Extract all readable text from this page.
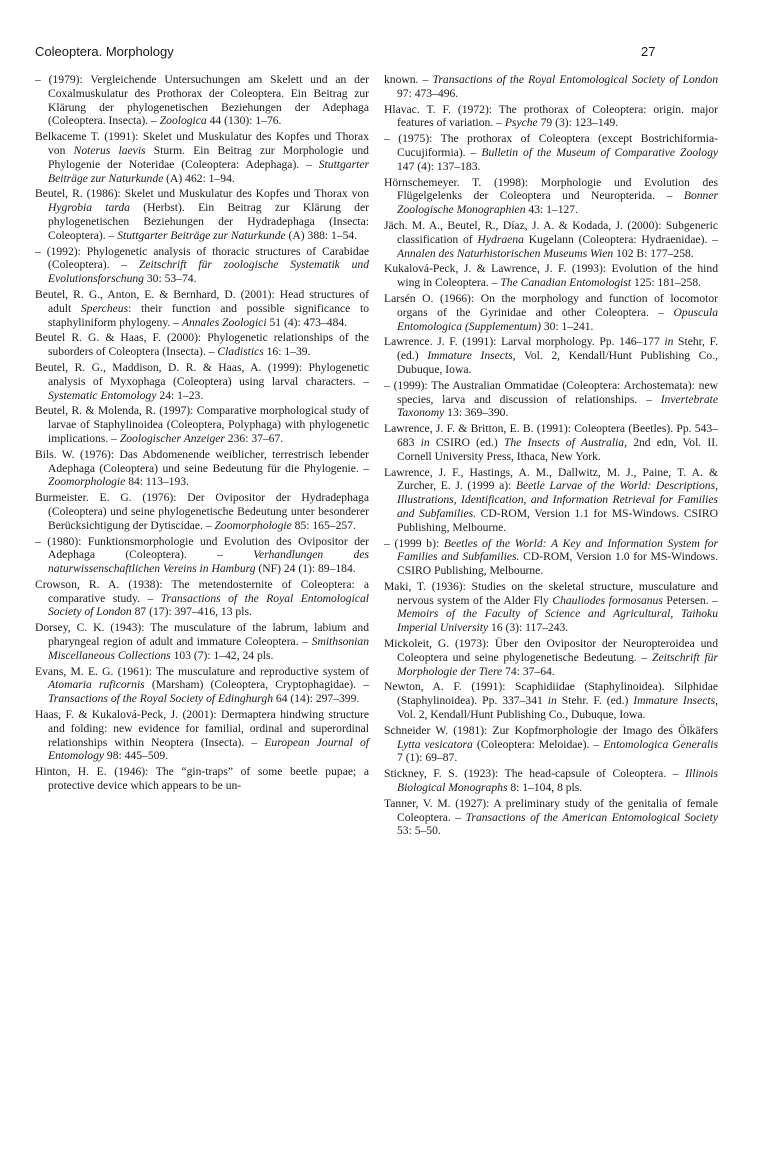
Coleoptera. Morphology	27

– (1979): Vergleichende Untersuchungen am Skelett und an der Coxalmuskulatur des Prothorax der Coleoptera. Ein Beitrag zur Klärung der phylogenetischen Beziehungen der Adephaga (Coleoptera. Insecta). – Zoologica 44 (130): 1–76.

Belkaceme T. (1991): Skelet und Muskulatur des Kopfes und Thorax von Noterus laevis Sturm. Ein Beitrag zur Morphologie und Phylogenie der Noteridae (Coleoptera: Adephaga). – Stuttgarter Beiträge zur Naturkunde (A) 462: 1–94.

Beutel, R. (1986): Skelet und Muskulatur des Kopfes und Thorax von Hygrobia tarda (Herbst). Ein Beitrag zur Klärung der phylogenetischen Beziehungen der Hydradephaga (Insecta: Coleoptera). – Stuttgarter Beiträge zur Naturkunde (A) 388: 1–54.

– (1992): Phylogenetic analysis of thoracic structures of Carabidae (Coleoptera). – Zeitschrift für zoologische Systematik und Evolutionsforschung 30: 53–74.

Beutel, R. G., Anton, E. & Bernhard, D. (2001): Head structures of adult Spercheus: their function and possible significance to staphyliniform phylogeny. – Annales Zoologici 51 (4): 473–484.

Beutel R. G. & Haas, F. (2000): Phylogenetic relationships of the suborders of Coleoptera (Insecta). – Cladistics 16: 1–39.

Beutel, R. G., Maddison, D. R. & Haas, A. (1999): Phylogenetic analysis of Myxophaga (Coleoptera) using larval characters. – Systematic Entomology 24: 1–23.

Beutel, R. & Molenda, R. (1997): Comparative morphological study of larvae of Staphylinoidea (Coleoptera, Polyphaga) with phylogenetic implications. – Zoologischer Anzeiger 236: 37–67.

Bils. W. (1976): Das Abdomenende weiblicher, terrestrisch lebender Adephaga (Coleoptera) und seine Bedeutung für die Phylogenie. – Zoomorphologie 84: 113–193.

Burmeister. E. G. (1976): Der Ovipositor der Hydradephaga (Coleoptera) und seine phylogenetische Bedeutung unter besonderer Berücksichtigung der Dytiscidae. – Zoomorphologie 85: 165–257.

– (1980): Funktionsmorphologie und Evolution des Ovipositor der Adephaga (Coleoptera). – Verhandlungen des naturwissenschaftlichen Vereins in Hamburg (NF) 24 (1): 89–184.

Crowson, R. A. (1938): The metendosternite of Coleoptera: a comparative study. – Transactions of the Royal Entomological Society of London 87 (17): 397–416, 13 pls.

Dorsey, C. K. (1943): The musculature of the labrum, labium and pharyngeal region of adult and immature Coleoptera. – Smithsonian Miscellaneous Collections 103 (7): 1–42, 24 pls.

Evans, M. E. G. (1961): The musculature and reproductive system of Atomaria ruficornis (Marsham) (Coleoptera, Cryptophagidae). – Transactions of the Royal Society of Edinghurgh 64 (14): 297–399.

Haas, F. & Kukalová-Peck, J. (2001): Dermaptera hindwing structure and folding: new evidence for familial, ordinal and superordinal relationships within Neoptera (Insecta). – European Journal of Entomology 98: 445–509.

Hinton, H. E. (1946): The “gin-traps” of some beetle pupae; a protective device which appears to be un-

known. – Transactions of the Royal Entomological Society of London 97: 473–496.

Hlavac. T. F. (1972): The prothorax of Coleoptera: origin. major features of variation. – Psyche 79 (3): 123–149.

– (1975): The prothorax of Coleoptera (except Bostrichiformia-Cucujiformia). – Bulletin of the Museum of Comparative Zoology 147 (4): 137–183.

Hörnschemeyer. T. (1998): Morphologie und Evolution des Flügelgelenks der Coleoptera und Neuropterida. – Bonner Zoologische Monographien 43: 1–127.

Jäch. M. A., Beutel, R., Díaz, J. A. & Kodada, J. (2000): Subgeneric classification of Hydraena Kugelann (Coleoptera: Hydraenidae). – Annalen des Naturhistorischen Museums Wien 102 B: 177–258.

Kukalová-Peck, J. & Lawrence, J. F. (1993): Evolution of the hind wing in Coleoptera. – The Canadian Entomologist 125: 181–258.

Larsén O. (1966): On the morphology and function of locomotor organs of the Gyrinidae and other Coleoptera. – Opuscula Entomologica (Supplementum) 30: 1–241.

Lawrence. J. F. (1991): Larval morphology. Pp. 146–177 in Stehr, F. (ed.) Immature Insects, Vol. 2, Kendall/Hunt Publishing Co., Dubuque, Iowa.

– (1999): The Australian Ommatidae (Coleoptera: Archostemata): new species, larva and discussion of relationships. – Invertebrate Taxonomy 13: 369–390.

Lawrence, J. F. & Britton, E. B. (1991): Coleoptera (Beetles). Pp. 543–683 in CSIRO (ed.) The Insects of Australia, 2nd edn, Vol. II. Cornell University Press, Ithaca, New York.

Lawrence, J. F., Hastings, A. M., Dallwitz, M. J., Paine, T. A. & Zurcher, E. J. (1999 a): Beetle Larvae of the World: Descriptions, Illustrations, Identification, and Information Retrieval for Families and Subfamilies. CD-ROM, Version 1.1 for MS-Windows. CSIRO Publishing, Melbourne.

– (1999 b): Beetles of the World: A Key and Information System for Families and Subfamilies. CD-ROM, Version 1.0 for MS-Windows. CSIRO Publishing, Melbourne.

Maki, T. (1936): Studies on the skeletal structure, musculature and nervous system of the Alder Fly Chauliodes formosanus Petersen. – Memoirs of the Faculty of Science and Agricultural, Taihoku Imperial University 16 (3): 117–243.

Mickoleit, G. (1973): Über den Ovipositor der Neuropteroidea und Coleoptera und seine phylogenetische Bedeutung. – Zeitschrift für Morphologie der Tiere 74: 37–64.

Newton, A. F. (1991): Scaphidiidae (Staphylinoidea). Silphidae (Staphylinoidea). Pp. 337–341 in Stehr. F. (ed.) Immature Insects, Vol. 2, Kendall/Hunt Publishing Co., Dubuque, Iowa.

Schneider W. (1981): Zur Kopfmorphologie der Imago des Ölkäfers Lytta vesicatora (Coleoptera: Meloidae). – Entomologica Generalis 7 (1): 69–87.

Stickney, F. S. (1923): The head-capsule of Coleoptera. – Illinois Biological Monographs 8: 1–104, 8 pls.

Tanner, V. M. (1927): A preliminary study of the genitalia of female Coleoptera. – Transactions of the American Entomological Society 53: 5–50.
